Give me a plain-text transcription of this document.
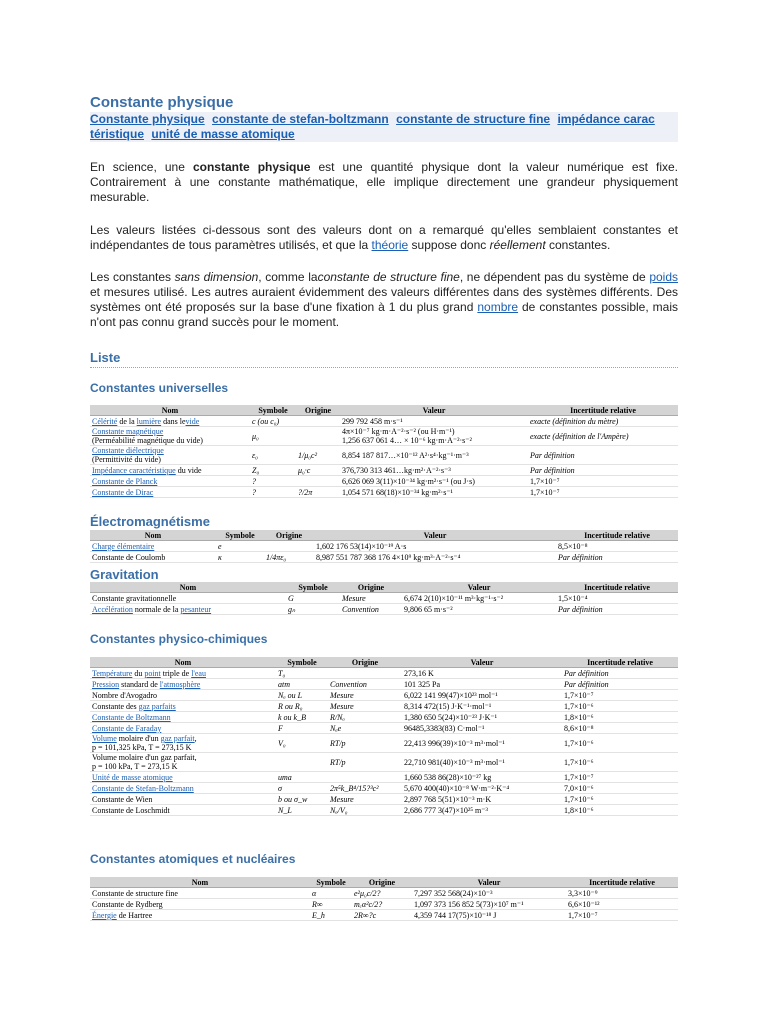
Constante physique
Constante physique constante de stefan-boltzmann constante de structure fine impédance carac téristique unité de masse atomique

En science, une constante physique est une quantité physique dont la valeur numérique est fixe. Contrairement à une constante mathématique, elle implique directement une grandeur physiquement mesurable.

Les valeurs listées ci-dessous sont des valeurs dont on a remarqué qu'elles semblaient constantes et indépendantes de tous paramètres utilisés, et que la théorie suppose donc réellement constantes.

Les constantes sans dimension, comme laconstante de structure fine, ne dépendent pas du système de poids et mesures utilisé. Les autres auraient évidemment des valeurs différentes dans des systèmes différents. Des systèmes ont été proposés sur la base d'une fixation à 1 du plus grand nombre de constantes possible, mais n'ont pas connu grand succès pour le moment.

Liste
Constantes universelles
Nom	Symbole	Origine	Valeur	Incertitude relative
Célérité de la lumière dans levide	c (ou c₀)		299 792 458 m·s⁻¹	exacte (définition du mètre)
Constante magnétique
(Perméabilité magnétique du vide)	μ₀		4π×10⁻⁷ kg·m·A⁻²·s⁻² (ou H·m⁻¹)
1,256 637 061 4… × 10⁻⁶ kg·m·A⁻²·s⁻²	exacte (définition de l'Ampère)
Constante diélectrique
(Permittivité du vide)	ε₀	1/μ₀c²	8,854 187 817…×10⁻¹² A²·s⁴·kg⁻¹·m⁻³	Par définition
Impédance caractéristique du vide	Z₀	μ₀·c	376,730 313 461…kg·m²·A⁻²·s⁻³	Par définition
Constante de Planck	?		6,626 069 3(11)×10⁻³⁴ kg·m²·s⁻¹ (ou J·s)	1,7×10⁻⁷
Constante de Dirac	?	?/2π	1,054 571 68(18)×10⁻³⁴ kg·m²·s⁻¹	1,7×10⁻⁷
Électromagnétisme
Nom	Symbole	Origine	Valeur	Incertitude relative
Charge élémentaire	e		1,602 176 53(14)×10⁻¹⁹ A·s	8,5×10⁻⁸
Constante de Coulomb	κ	1/4πε₀	8,987 551 787 368 176 4×10⁹ kg·m³·A⁻²·s⁻⁴	Par définition
Gravitation
Nom	Symbole	Origine	Valeur	Incertitude relative
Constante gravitationnelle	G	Mesure	6,674 2(10)×10⁻¹¹ m³·kg⁻¹·s⁻²	1,5×10⁻⁴
Accélération normale de la pesanteur	gₙ	Convention	9,806 65 m·s⁻²	Par définition
Constantes physico-chimiques
Nom	Symbole	Origine	Valeur	Incertitude relative
Température du point triple de l'eau	T₀		273,16 K	Par définition
Pression standard de l'atmosphère	atm	Convention	101 325 Pa	Par définition
Nombre d'Avogadro	Nₐ ou L	Mesure	6,022 141 99(47)×10²³ mol⁻¹	1,7×10⁻⁷
Constante des gaz parfaits	R ou R₀	Mesure	8,314 472(15) J·K⁻¹·mol⁻¹	1,7×10⁻⁶
Constante de Boltzmann	k ou k_B	R/Nₐ	1,380 650 5(24)×10⁻²³ J·K⁻¹	1,8×10⁻⁶
Constante de Faraday	F	Nₐe	96485,3383(83) C·mol⁻¹	8,6×10⁻⁸
Volume molaire d'un gaz parfait,
p = 101,325 kPa, T = 273,15 K	V₀	RT/p	22,413 996(39)×10⁻³ m³·mol⁻¹	1,7×10⁻⁶
Volume molaire d'un gaz parfait,
p = 100 kPa, T = 273,15 K		RT/p	22,710 981(40)×10⁻³ m³·mol⁻¹	1,7×10⁻⁶
Unité de masse atomique	uma		1,660 538 86(28)×10⁻²⁷ kg	1,7×10⁻⁷
Constante de Stefan-Boltzmann	σ	2π⁵k_B⁴/15?³c²	5,670 400(40)×10⁻⁸ W·m⁻²·K⁻⁴	7,0×10⁻⁶
Constante de Wien	b ou σ_w	Mesure	2,897 768 5(51)×10⁻³ m·K	1,7×10⁻⁶
Constante de Loschmidt	N_L	Nₐ/V₀	2,686 777 3(47)×10²⁵ m⁻³	1,8×10⁻⁶
Constantes atomiques et nucléaires
Nom	Symbole	Origine	Valeur	Incertitude relative
Constante de structure fine	α	e²μ₀c/2?	7,297 352 568(24)×10⁻³	3,3×10⁻⁹
Constante de Rydberg	R∞	mₑα²c/2?	1,097 373 156 852 5(73)×10⁷ m⁻¹	6,6×10⁻¹²
Énergie de Hartree	E_h	2R∞?c	4,359 744 17(75)×10⁻¹⁸ J	1,7×10⁻⁷
